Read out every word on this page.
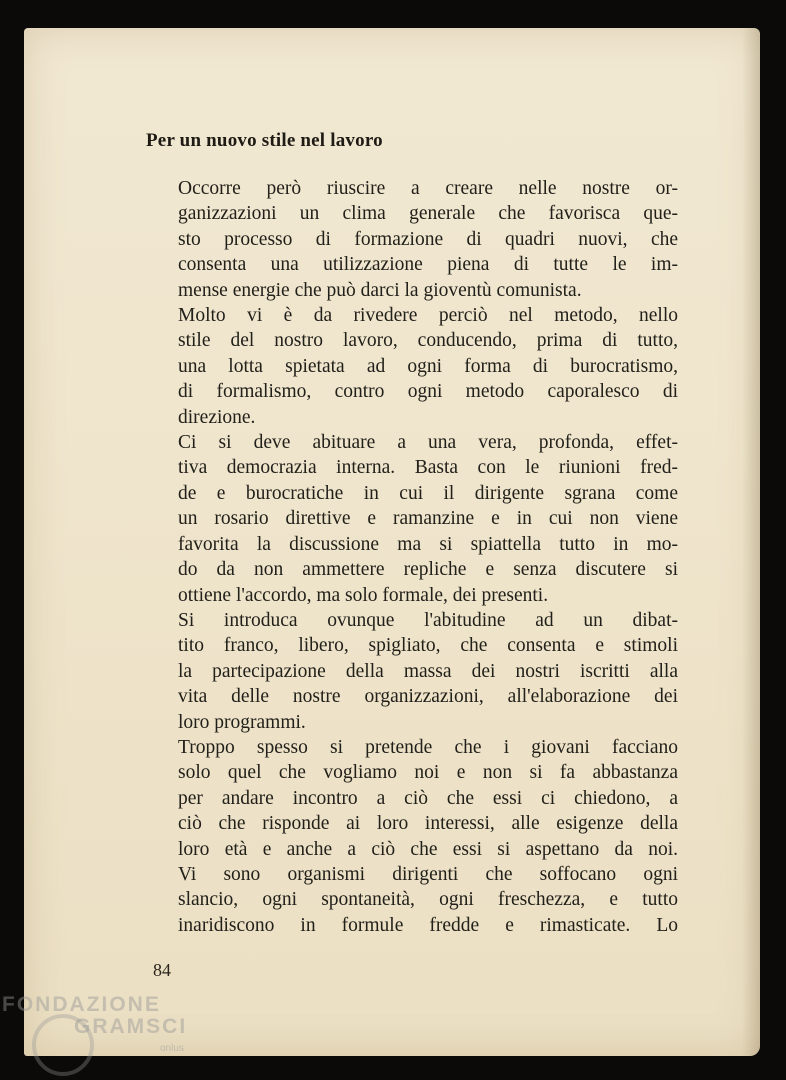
Per un nuovo stile nel lavoro

Occorre però riuscire a creare nelle nostre or-
ganizzazioni un clima generale che favorisca que-
sto processo di formazione di quadri nuovi, che
consenta una utilizzazione piena di tutte le im-
mense energie che può darci la gioventù comunista.

Molto vi è da rivedere perciò nel metodo, nello
stile del nostro lavoro, conducendo, prima di tutto,
una lotta spietata ad ogni forma di burocratismo,
di formalismo, contro ogni metodo caporalesco di
direzione.

Ci si deve abituare a una vera, profonda, effet-
tiva democrazia interna. Basta con le riunioni fred-
de e burocratiche in cui il dirigente sgrana come
un rosario direttive e ramanzine e in cui non viene
favorita la discussione ma si spiattella tutto in mo-
do da non ammettere repliche e senza discutere si
ottiene l'accordo, ma solo formale, dei presenti.

Si introduca ovunque l'abitudine ad un dibat-
tito franco, libero, spigliato, che consenta e stimoli
la partecipazione della massa dei nostri iscritti alla
vita delle nostre organizzazioni, all'elaborazione dei
loro programmi.

Troppo spesso si pretende che i giovani facciano
solo quel che vogliamo noi e non si fa abbastanza
per andare incontro a ciò che essi ci chiedono, a
ciò che risponde ai loro interessi, alle esigenze della
loro età e anche a ciò che essi si aspettano da noi.
Vi sono organismi dirigenti che soffocano ogni
slancio, ogni spontaneità, ogni freschezza, e tutto
inaridiscono in formule fredde e rimasticate. Lo

84
FONDAZIONE
GRAMSCI
onlus
